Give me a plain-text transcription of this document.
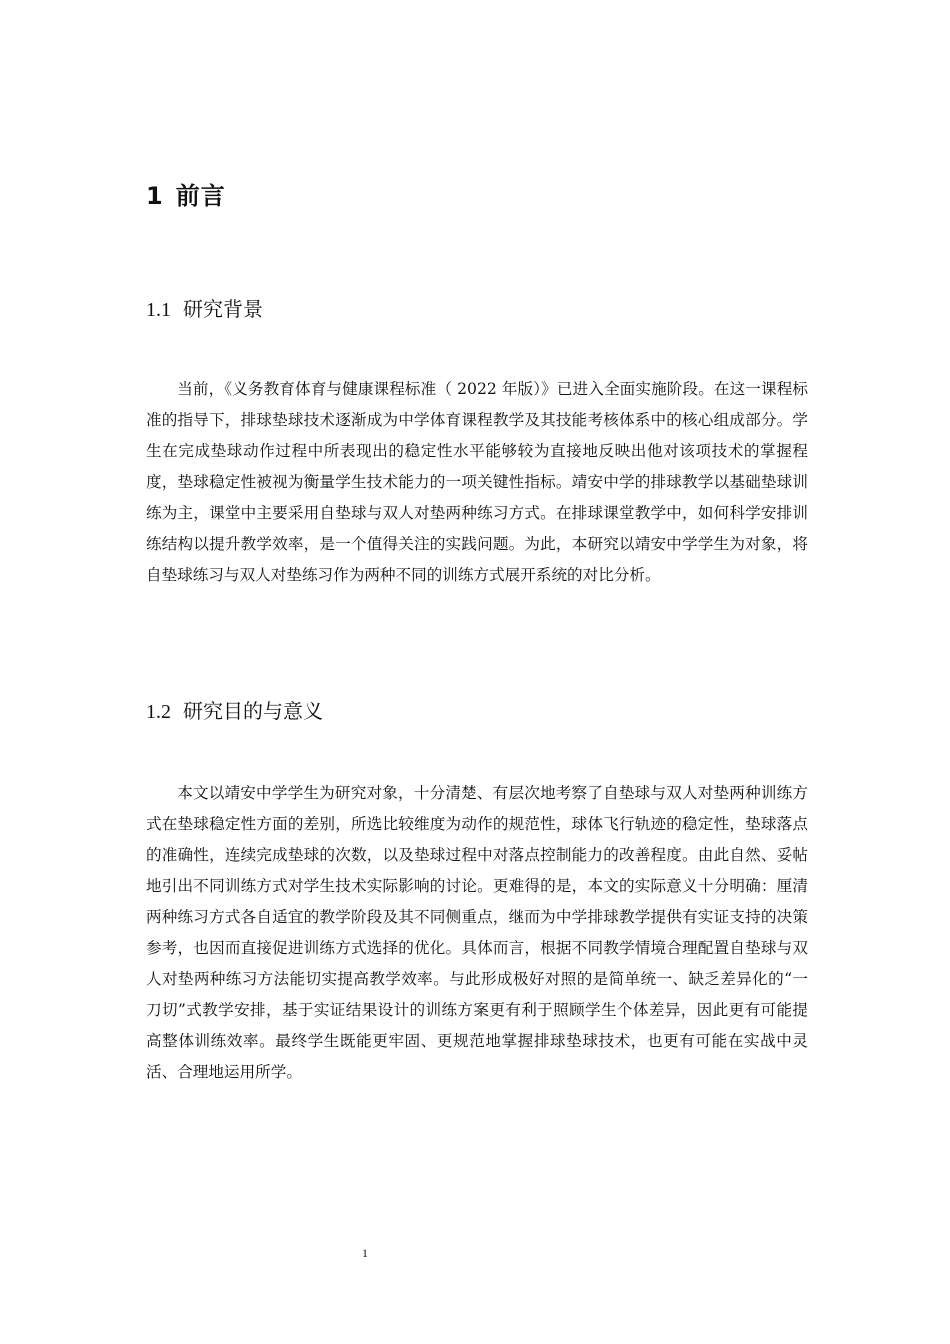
1 前言
1.1 研究背景

当前，《义务教育体育与健康课程标准（ 2022 年版）》已进入全面实施阶段。在这一课程标准的指导下，排球垫球技术逐渐成为中学体育课程教学及其技能考核体系中的核心组成部分。学生在完成垫球动作过程中所表现出的稳定性水平能够较为直接地反映出他对该项技术的掌握程度，垫球稳定性被视为衡量学生技术能力的一项关键性指标。靖安中学的排球教学以基础垫球训练为主，课堂中主要采用自垫球与双人对垫两种练习方式。在排球课堂教学中，如何科学安排训练结构以提升教学效率，是一个值得关注的实践问题。为此，本研究以靖安中学学生为对象，将自垫球练习与双人对垫练习作为两种不同的训练方式展开系统的对比分析。

1.2 研究目的与意义

本文以靖安中学学生为研究对象，十分清楚、有层次地考察了自垫球与双人对垫两种训练方式在垫球稳定性方面的差别，所选比较维度为动作的规范性，球体飞行轨迹的稳定性，垫球落点的准确性，连续完成垫球的次数，以及垫球过程中对落点控制能力的改善程度。由此自然、妥帖地引出不同训练方式对学生技术实际影响的讨论。更难得的是，本文的实际意义十分明确：厘清两种练习方式各自适宜的教学阶段及其不同侧重点，继而为中学排球教学提供有实证支持的决策参考，也因而直接促进训练方式选择的优化。具体而言，根据不同教学情境合理配置自垫球与双人对垫两种练习方法能切实提高教学效率。与此形成极好对照的是简单统一、缺乏差异化的“一刀切”式教学安排，基于实证结果设计的训练方案更有利于照顾学生个体差异，因此更有可能提高整体训练效率。最终学生既能更牢固、更规范地掌握排球垫球技术，也更有可能在实战中灵活、合理地运用所学。

1
